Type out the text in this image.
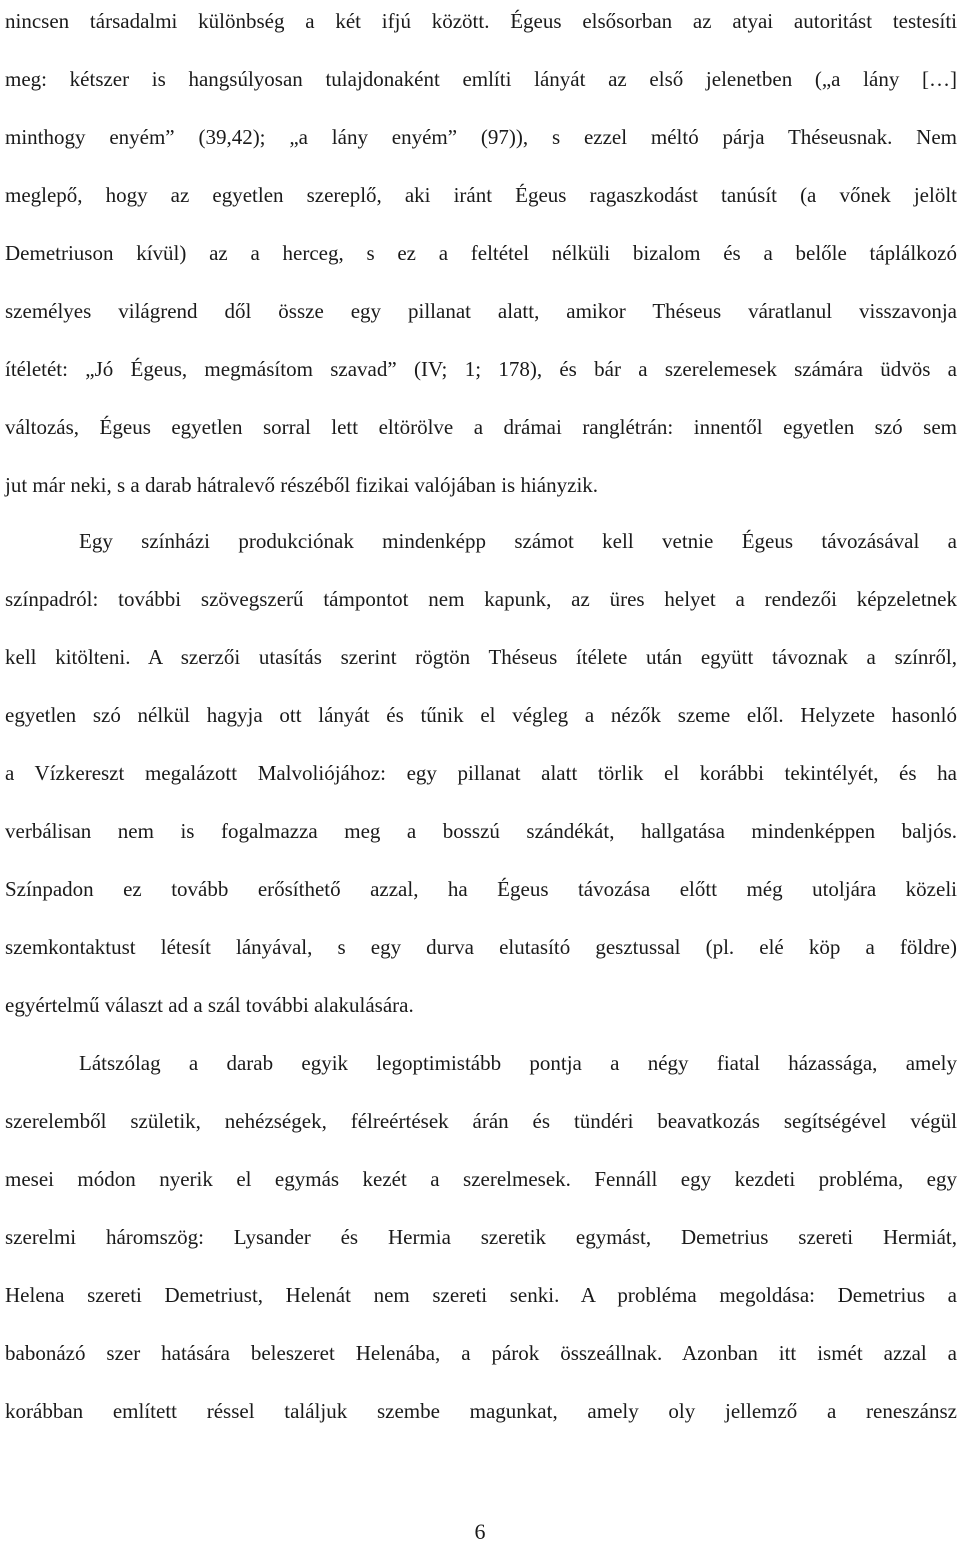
nincsen társadalmi különbség a két ifjú között. Égeus elsősorban az atyai autoritást testesíti
meg: kétszer is hangsúlyosan tulajdonaként említi lányát az első jelenetben („a lány […]
minthogy enyém” (39,42); „a lány enyém” (97)), s ezzel méltó párja Théseusnak. Nem
meglepő, hogy az egyetlen szereplő, aki iránt Égeus ragaszkodást tanúsít (a vőnek jelölt
Demetriuson kívül) az a herceg, s ez a feltétel nélküli bizalom és a belőle táplálkozó
személyes világrend dől össze egy pillanat alatt, amikor Théseus váratlanul visszavonja
ítéletét: „Jó Égeus, megmásítom szavad” (IV; 1; 178), és bár a szerelemesek számára üdvös a
változás, Égeus egyetlen sorral lett eltörölve a drámai ranglétrán: innentől egyetlen szó sem
jut már neki, s a darab hátralevő részéből fizikai valójában is hiányzik.
Egy színházi produkciónak mindenképp számot kell vetnie Égeus távozásával a
színpadról: további szövegszerű támpontot nem kapunk, az üres helyet a rendezői képzeletnek
kell kitölteni. A szerzői utasítás szerint rögtön Théseus ítélete után együtt távoznak a színről,
egyetlen szó nélkül hagyja ott lányát és tűnik el végleg a nézők szeme elől. Helyzete hasonló
a Vízkereszt megalázott Malvoliójához: egy pillanat alatt törlik el korábbi tekintélyét, és ha
verbálisan nem is fogalmazza meg a bosszú szándékát, hallgatása mindenképpen baljós.
Színpadon ez tovább erősíthető azzal, ha Égeus távozása előtt még utoljára közeli
szemkontaktust létesít lányával, s egy durva elutasító gesztussal (pl. elé köp a földre)
egyértelmű választ ad a szál további alakulására.
Látszólag a darab egyik legoptimistább pontja a négy fiatal házassága, amely
szerelemből születik, nehézségek, félreértések árán és tündéri beavatkozás segítségével végül
mesei módon nyerik el egymás kezét a szerelmesek. Fennáll egy kezdeti probléma, egy
szerelmi háromszög: Lysander és Hermia szeretik egymást, Demetrius szereti Hermiát,
Helena szereti Demetriust, Helenát nem szereti senki. A probléma megoldása: Demetrius a
babonázó szer hatására beleszeret Helenába, a párok összeállnak. Azonban itt ismét azzal a
korábban említett réssel találjuk szembe magunkat, amely oly jellemző a reneszánsz
6
